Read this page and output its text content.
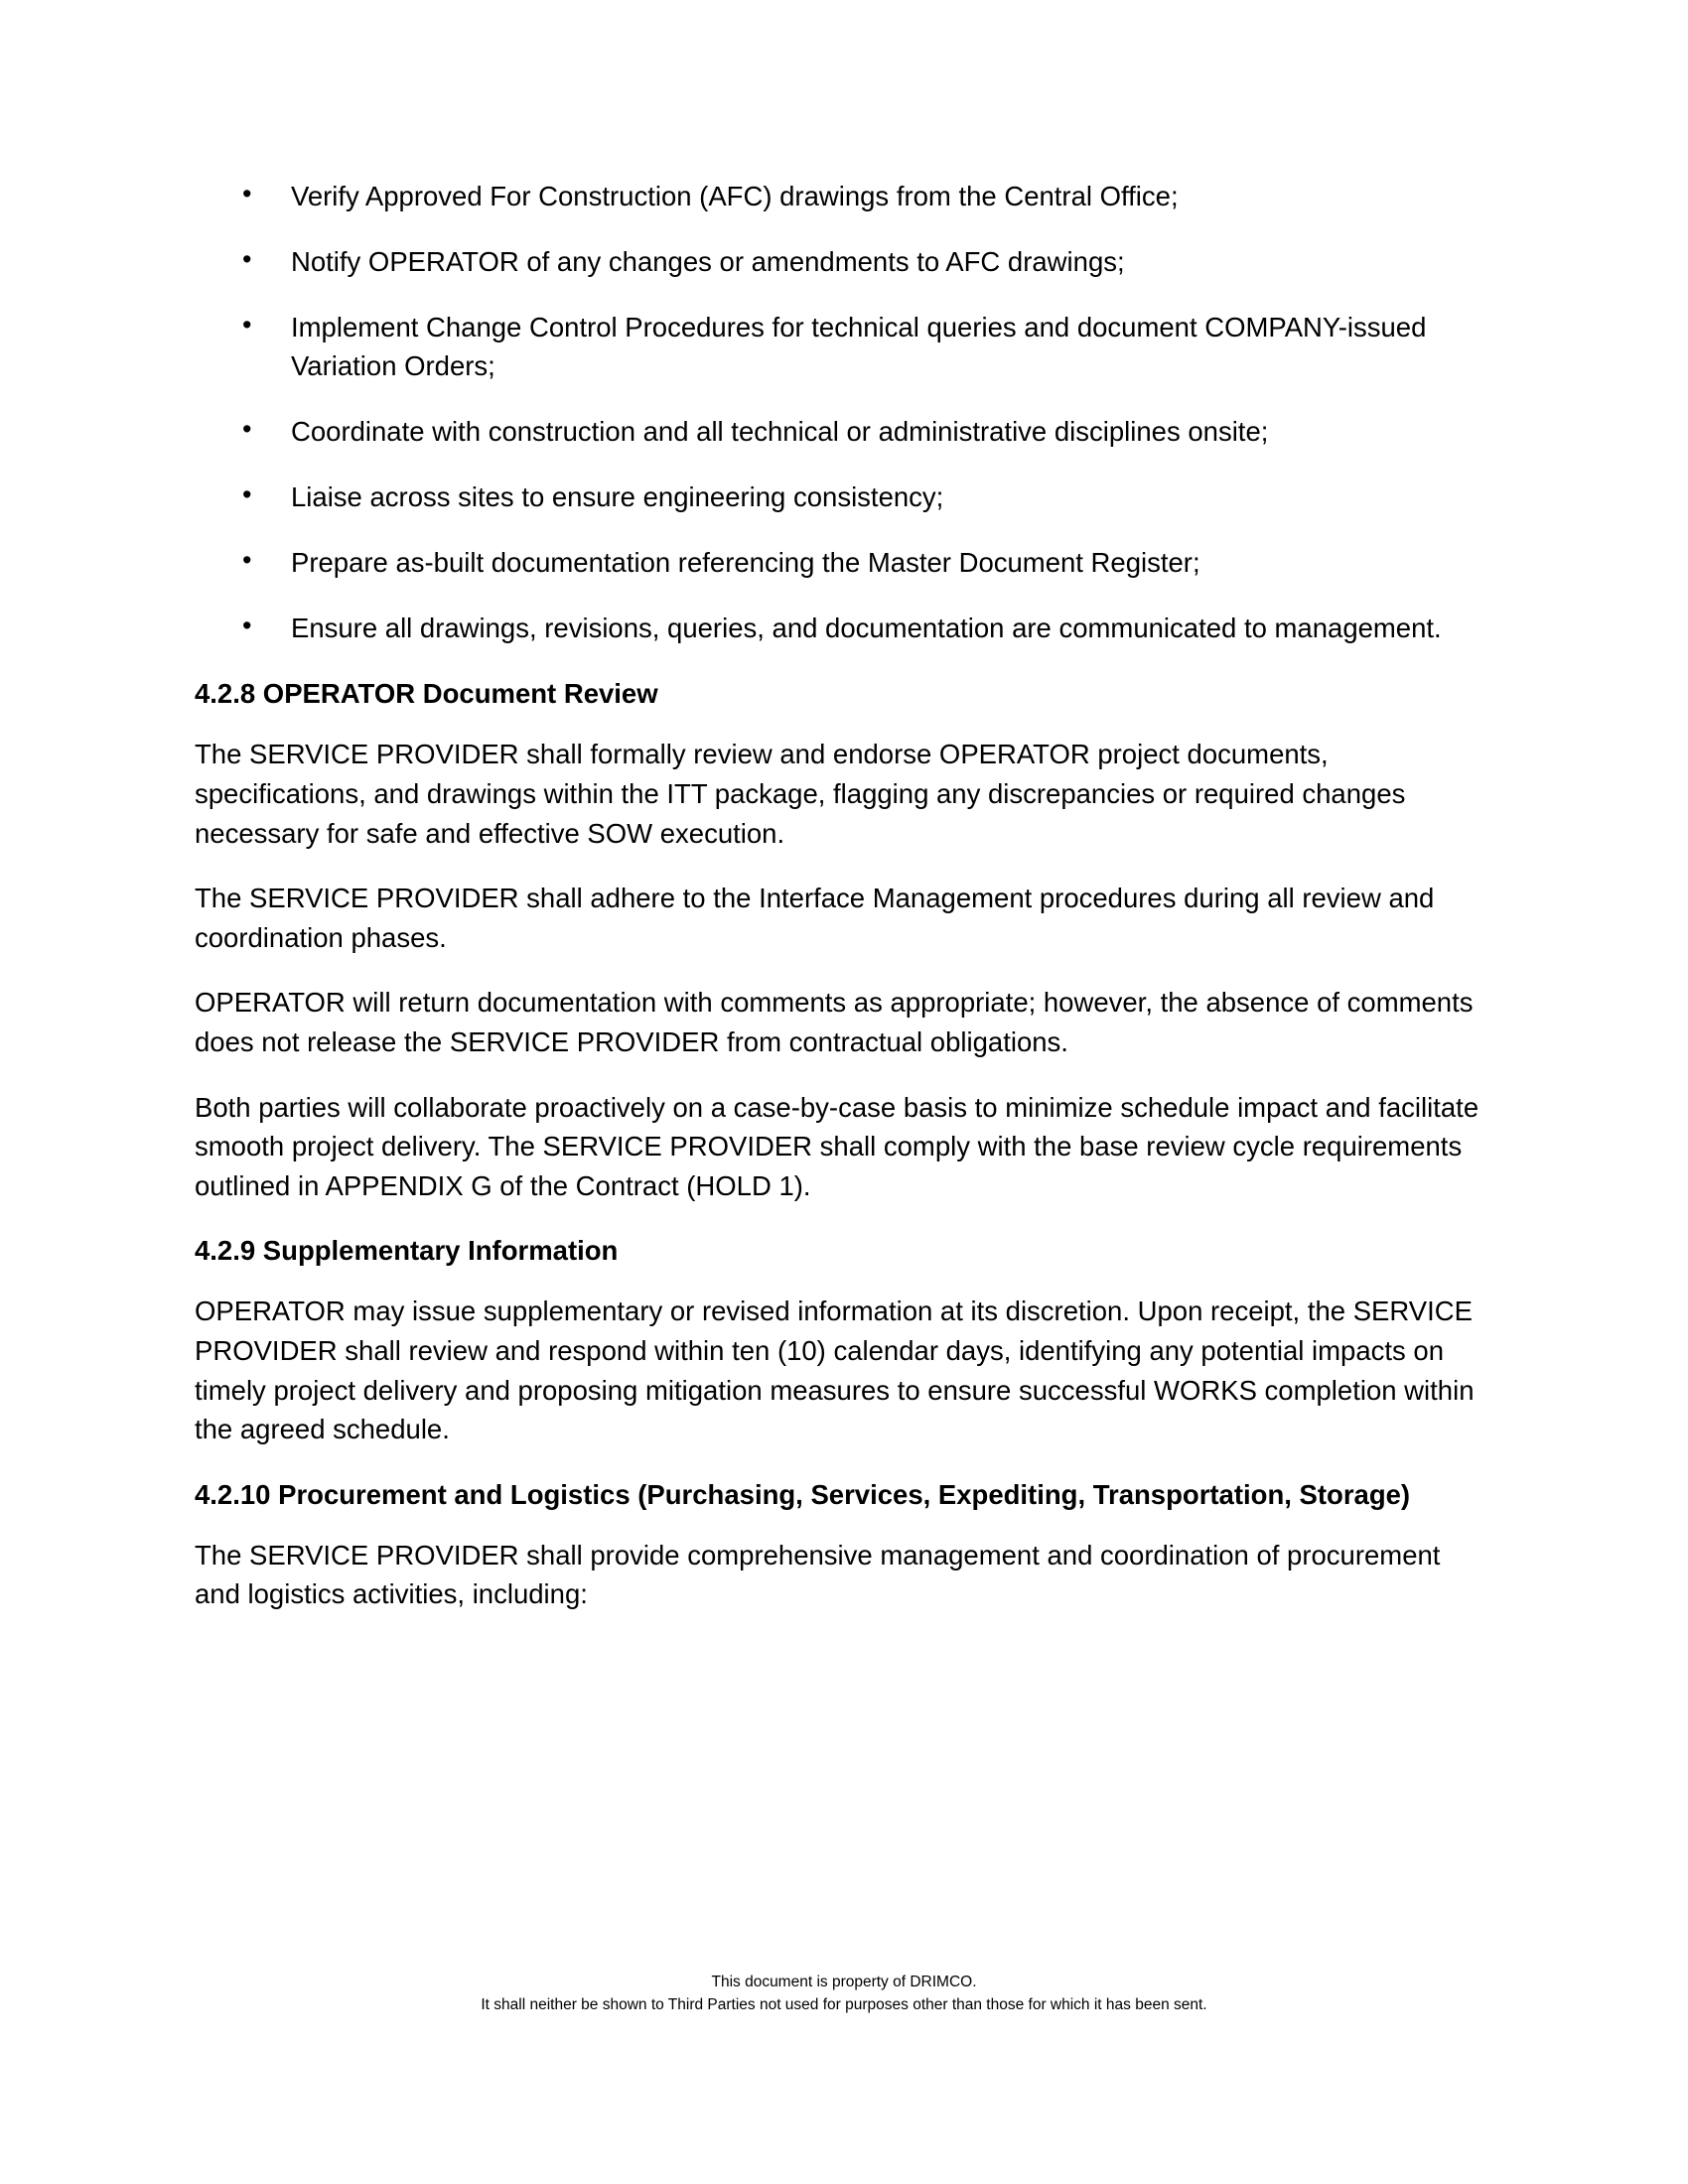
• Verify Approved For Construction (AFC) drawings from the Central Office;
• Notify OPERATOR of any changes or amendments to AFC drawings;
• Implement Change Control Procedures for technical queries and document COMPANY-issued Variation Orders;
• Coordinate with construction and all technical or administrative disciplines onsite;
• Liaise across sites to ensure engineering consistency;
• Prepare as-built documentation referencing the Master Document Register;
• Ensure all drawings, revisions, queries, and documentation are communicated to management.
4.2.8 OPERATOR Document Review

The SERVICE PROVIDER shall formally review and endorse OPERATOR project documents, specifications, and drawings within the ITT package, flagging any discrepancies or required changes necessary for safe and effective SOW execution.

The SERVICE PROVIDER shall adhere to the Interface Management procedures during all review and coordination phases.

OPERATOR will return documentation with comments as appropriate; however, the absence of comments does not release the SERVICE PROVIDER from contractual obligations.

Both parties will collaborate proactively on a case-by-case basis to minimize schedule impact and facilitate smooth project delivery. The SERVICE PROVIDER shall comply with the base review cycle requirements outlined in APPENDIX G of the Contract (HOLD 1).

4.2.9 Supplementary Information

OPERATOR may issue supplementary or revised information at its discretion. Upon receipt, the SERVICE PROVIDER shall review and respond within ten (10) calendar days, identifying any potential impacts on timely project delivery and proposing mitigation measures to ensure successful WORKS completion within the agreed schedule.

4.2.10 Procurement and Logistics (Purchasing, Services, Expediting, Transportation, Storage)

The SERVICE PROVIDER shall provide comprehensive management and coordination of procurement and logistics activities, including:

This document is property of DRIMCO.
It shall neither be shown to Third Parties not used for purposes other than those for which it has been sent.
